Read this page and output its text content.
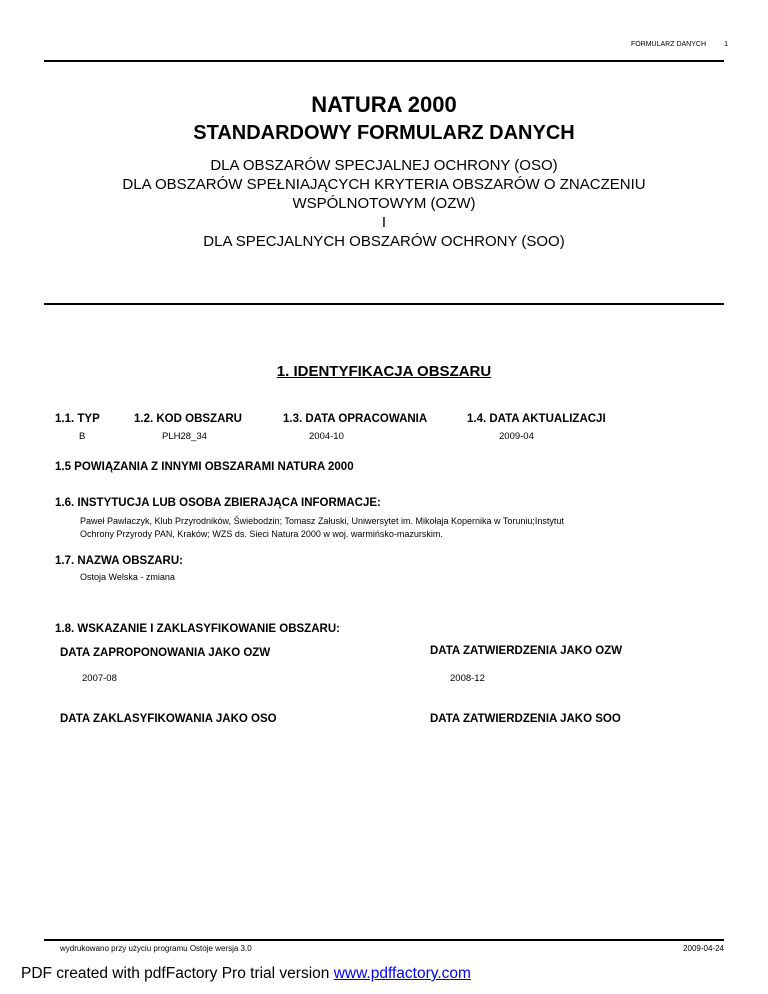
FORMULARZ DANYCH	1
NATURA 2000
STANDARDOWY FORMULARZ DANYCH
DLA OBSZARÓW SPECJALNEJ OCHRONY (OSO)
DLA OBSZARÓW SPEŁNIAJĄCYCH KRYTERIA OBSZARÓW O ZNACZENIU
WSPÓLNOTOWYM (OZW)
I
DLA SPECJALNYCH OBSZARÓW OCHRONY (SOO)
1. IDENTYFIKACJA OBSZARU
1.1. TYP
B
1.2. KOD OBSZARU
PLH28_34
1.3. DATA OPRACOWANIA
2004-10
1.4. DATA AKTUALIZACJI
2009-04
1.5 POWIĄZANIA Z INNYMI OBSZARAMI NATURA 2000
1.6. INSTYTUCJA LUB OSOBA ZBIERAJĄCA INFORMACJE:
Paweł Pawlaczyk, Klub Przyrodników, Świebodzin; Tomasz Załuski, Uniwersytet im. Mikołaja Kopernika w Toruniu;Instytut
Ochrony Przyrody PAN, Kraków; WZS ds. Sieci Natura 2000 w woj. warmińsko-mazurskim.
1.7. NAZWA OBSZARU:
Ostoja Welska - zmiana
1.8. WSKAZANIE I ZAKLASYFIKOWANIE OBSZARU:
DATA ZAPROPONOWANIA JAKO OZW
2007-08
DATA ZATWIERDZENIA JAKO OZW
2008-12
DATA ZAKLASYFIKOWANIA JAKO OSO	DATA ZATWIERDZENIA JAKO SOO
wydrukowano przy użyciu programu Ostoje wersja 3.0	2009-04-24
PDF created with pdfFactory Pro trial version www.pdffactory.com
